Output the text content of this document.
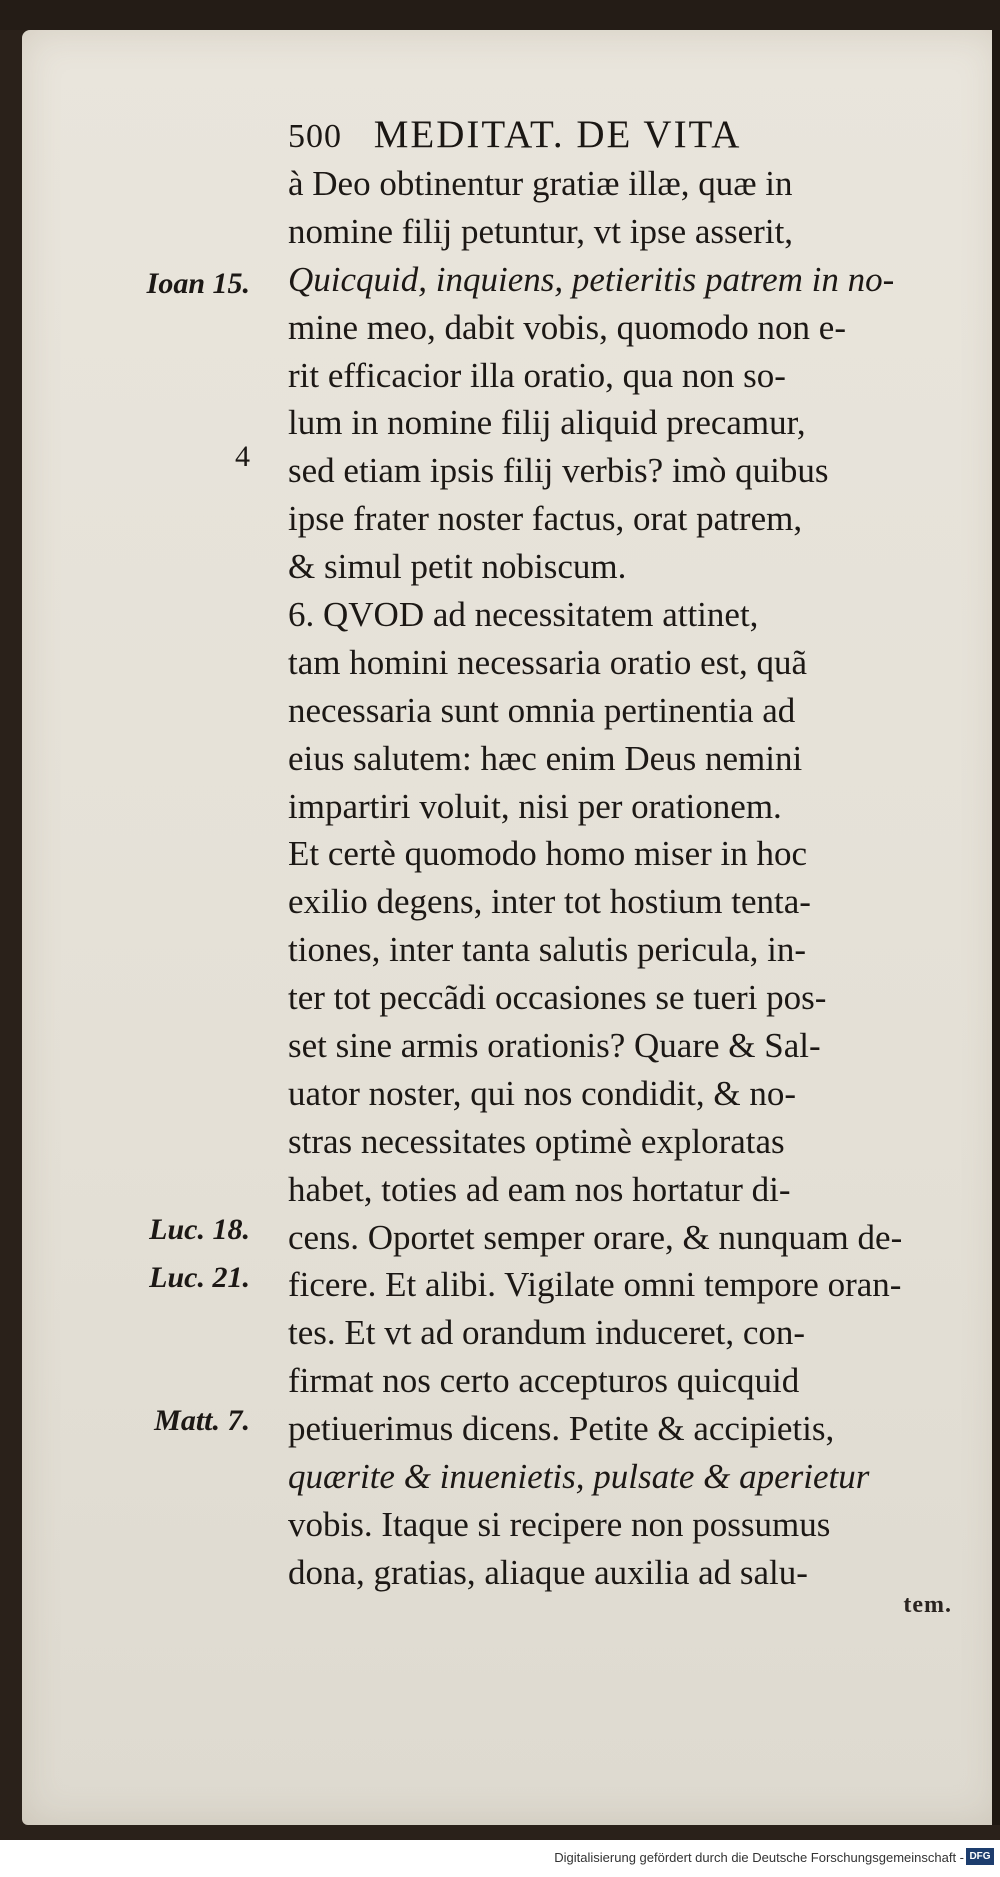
500 MEDITAT. DE VITA
à Deo obtinentur gratiæ illæ, quæ in
nomine filij petuntur, vt ipse asserit,
Quicquid, inquiens, petieritis patrem in no-
mine meo, dabit vobis, quomodo non e-
rit efficacior illa oratio, qua non so-
lum in nomine filij aliquid precamur,
sed etiam ipsis filij verbis? imò quibus
ipse frater noster factus, orat patrem,
& simul petit nobiscum.
6. QVOD ad necessitatem attinet,
tam homini necessaria oratio est, quã
necessaria sunt omnia pertinentia ad
eius salutem: hæc enim Deus nemini
impartiri voluit, nisi per orationem.
Et certè quomodo homo miser in hoc
exilio degens, inter tot hostium tenta-
tiones, inter tanta salutis pericula, in-
ter tot peccãdi occasiones se tueri pos-
set sine armis orationis? Quare & Sal-
uator noster, qui nos condidit, & no-
stras necessitates optimè exploratas
habet, toties ad eam nos hortatur di-
cens. Oportet semper orare, & nunquam de-
ficere. Et alibi. Vigilate omni tempore oran-
tes. Et vt ad orandum induceret, con-
firmat nos certo accepturos quicquid
petiuerimus dicens. Petite & accipietis,
quærite & inuenietis, pulsate & aperietur
vobis. Itaque si recipere non possumus
dona, gratias, aliaque auxilia ad salu-
Ioan 15.
4
Luc. 18.
Luc. 21.
Matt. 7.
tem.
Digitalisierung gefördert durch die Deutsche Forschungsgemeinschaft - DFG
